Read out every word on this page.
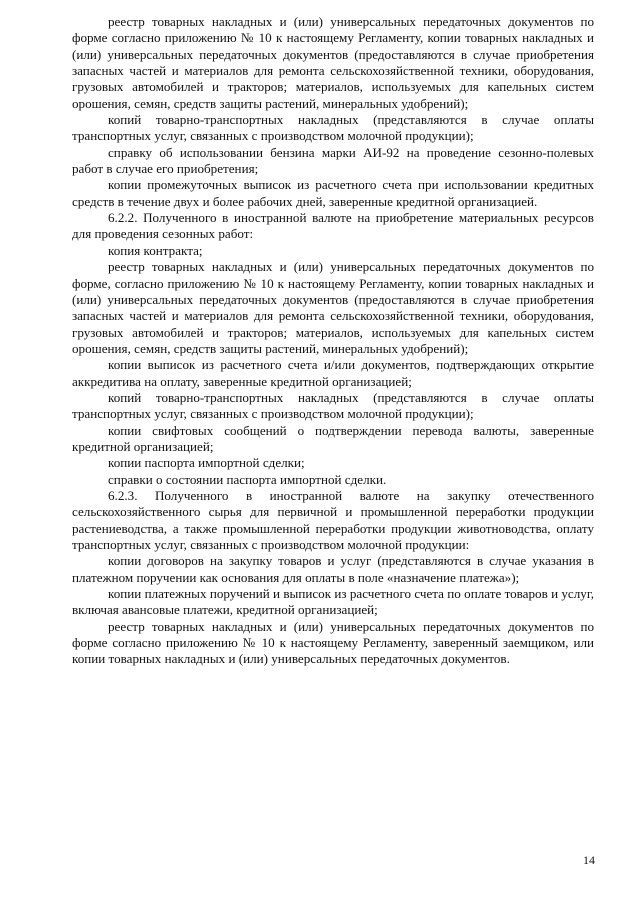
реестр товарных накладных и (или) универсальных передаточных документов по форме согласно приложению № 10 к настоящему Регламенту, копии товарных накладных и (или) универсальных передаточных документов (предоставляются в случае приобретения запасных частей и материалов для ремонта сельскохозяйственной техники, оборудования, грузовых автомобилей и тракторов; материалов, используемых для капельных систем орошения, семян, средств защиты растений, минеральных удобрений);

копий товарно-транспортных накладных (представляются в случае оплаты транспортных услуг, связанных с производством молочной продукции);

справку об использовании бензина марки АИ-92 на проведение сезонно-полевых работ в случае его приобретения;

копии промежуточных выписок из расчетного счета при использовании кредитных средств в течение двух и более рабочих дней, заверенные кредитной организацией.

6.2.2. Полученного в иностранной валюте на приобретение материальных ресурсов для проведения сезонных работ:

копия контракта;

реестр товарных накладных и (или) универсальных передаточных документов по форме, согласно приложению № 10 к настоящему Регламенту, копии товарных накладных и (или) универсальных передаточных документов (предоставляются в случае приобретения запасных частей и материалов для ремонта сельскохозяйственной техники, оборудования, грузовых автомобилей и тракторов; материалов, используемых для капельных систем орошения, семян, средств защиты растений, минеральных удобрений);

копии выписок из расчетного счета и/или документов, подтверждающих открытие аккредитива на оплату, заверенные кредитной организацией;

копий товарно-транспортных накладных (представляются в случае оплаты транспортных услуг, связанных с производством молочной продукции);

копии свифтовых сообщений о подтверждении перевода валюты, заверенные кредитной организацией;

копии паспорта импортной сделки;

справки о состоянии паспорта импортной сделки.

6.2.3. Полученного в иностранной валюте на закупку отечественного сельскохозяйственного сырья для первичной и промышленной переработки продукции растениеводства, а также промышленной переработки продукции животноводства, оплату транспортных услуг, связанных с производством молочной продукции:

копии договоров на закупку товаров и услуг (представляются в случае указания в платежном поручении как основания для оплаты в поле «назначение платежа»);

копии платежных поручений и выписок из расчетного счета по оплате товаров и услуг, включая авансовые платежи, кредитной организацией;

реестр товарных накладных и (или) универсальных передаточных документов по форме согласно приложению № 10 к настоящему Регламенту, заверенный заемщиком, или копии товарных накладных и (или) универсальных передаточных документов.

14
